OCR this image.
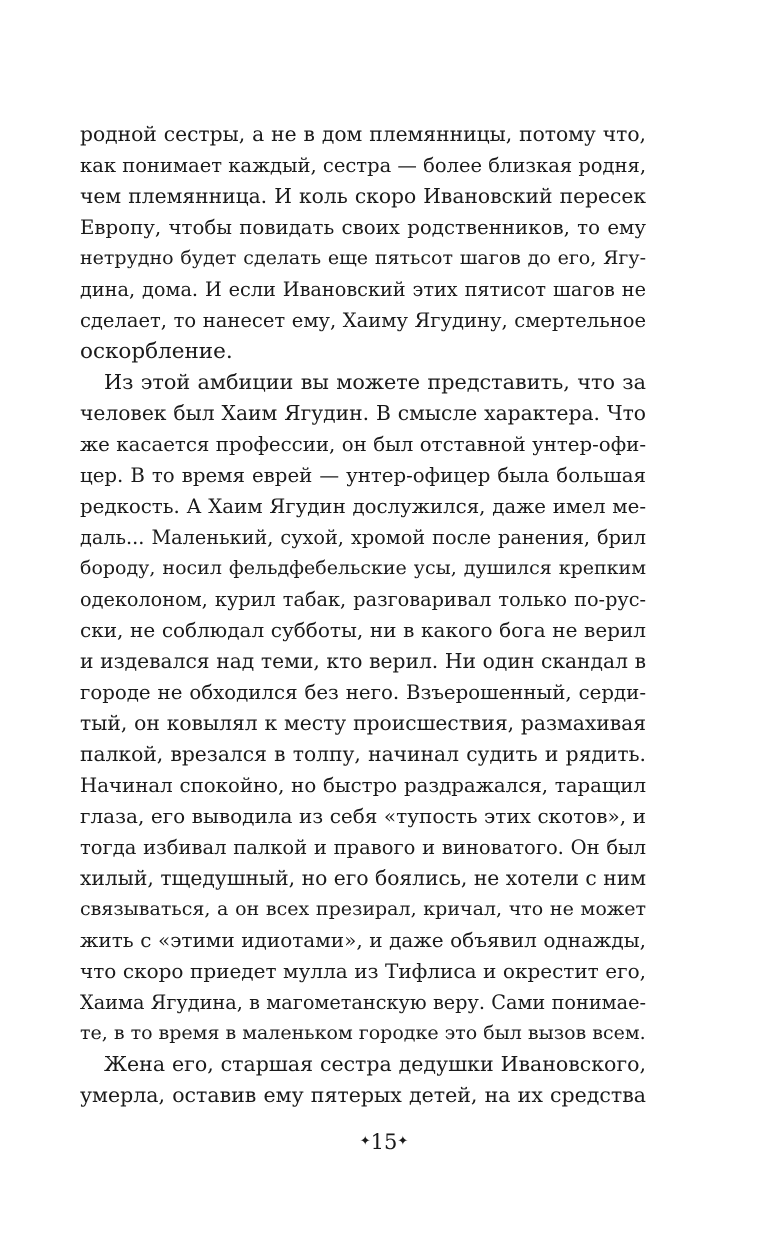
родной сестры, а не в дом племянницы, потому что,
как понимает каждый, сестра — более близкая родня,
чем племянница. И коль скоро Ивановский пересек
Европу, чтобы повидать своих родственников, то ему
нетрудно будет сделать еще пятьсот шагов до его, Ягу-
дина, дома. И если Ивановский этих пятисот шагов не
сделает, то нанесет ему, Хаиму Ягудину, смертельное
оскорбление.
Из этой амбиции вы можете представить, что за
человек был Хаим Ягудин. В смысле характера. Что
же касается профессии, он был отставной унтер-офи-
цер. В то время еврей — унтер-офицер была большая
редкость. А Хаим Ягудин дослужился, даже имел ме-
даль... Маленький, сухой, хромой после ранения, брил
бороду, носил фельдфебельские усы, душился крепким
одеколоном, курил табак, разговаривал только по-рус-
ски, не соблюдал субботы, ни в какого бога не верил
и издевался над теми, кто верил. Ни один скандал в
городе не обходился без него. Взъерошенный, серди-
тый, он ковылял к месту происшествия, размахивая
палкой, врезался в толпу, начинал судить и рядить.
Начинал спокойно, но быстро раздражался, таращил
глаза, его выводила из себя «тупость этих скотов», и
тогда избивал палкой и правого и виноватого. Он был
хилый, тщедушный, но его боялись, не хотели с ним
связываться, а он всех презирал, кричал, что не может
жить с «этими идиотами», и даже объявил однажды,
что скоро приедет мулла из Тифлиса и окрестит его,
Хаима Ягудина, в магометанскую веру. Сами понимае-
те, в то время в маленьком городке это был вызов всем.
Жена его, старшая сестра дедушки Ивановского,
умерла, оставив ему пятерых детей, на их средства
✦15✦
